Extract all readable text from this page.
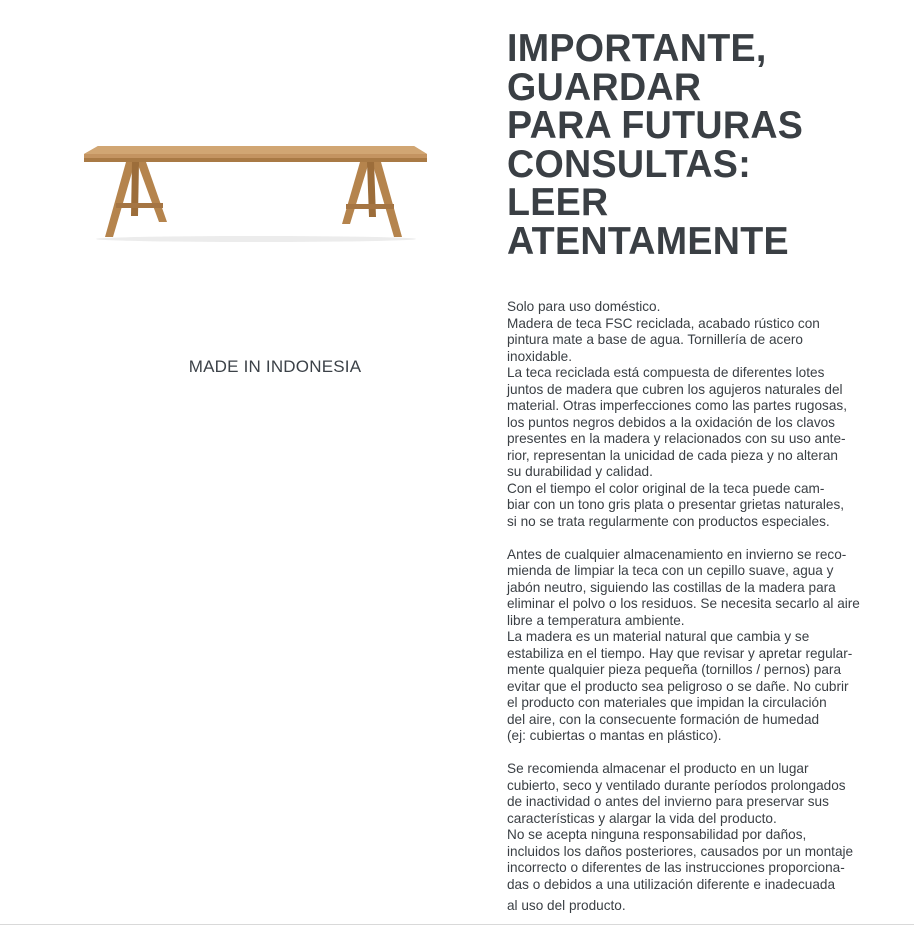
MADE IN INDONESIA
IMPORTANTE,
GUARDAR
PARA FUTURAS
CONSULTAS:
LEER
ATENTAMENTE
Solo para uso doméstico.
Madera de teca FSC reciclada, acabado rústico con
pintura mate a base de agua. Tornillería de acero
inoxidable.
La teca reciclada está compuesta de diferentes lotes
juntos de madera que cubren los agujeros naturales del
material. Otras imperfecciones como las partes rugosas,
los puntos negros debidos a la oxidación de los clavos
presentes en la madera y relacionados con su uso ante-
rior, representan la unicidad de cada pieza y no alteran
su durabilidad y calidad.
Con el tiempo el color original de la teca puede cam-
biar con un tono gris plata o presentar grietas naturales,
si no se trata regularmente con productos especiales.
Antes de cualquier almacenamiento en invierno se reco-
mienda de limpiar la teca con un cepillo suave, agua y
jabón neutro, siguiendo las costillas de la madera para
eliminar el polvo o los residuos. Se necesita secarlo al aire
libre a temperatura ambiente.
La madera es un material natural que cambia y se
estabiliza en el tiempo. Hay que revisar y apretar regular-
mente qualquier pieza pequeña (tornillos / pernos) para
evitar que el producto sea peligroso o se dañe. No cubrir
el producto con materiales que impidan la circulación
del aire, con la consecuente formación de humedad
(ej: cubiertas o mantas en plástico).
Se recomienda almacenar el producto en un lugar
cubierto, seco y ventilado durante períodos prolongados
de inactividad o antes del invierno para preservar sus
características y alargar la vida del producto.
No se acepta ninguna responsabilidad por daños,
incluidos los daños posteriores, causados por un montaje
incorrecto o diferentes de las instrucciones proporciona-
das o debidos a una utilización diferente e inadecuada
al uso del producto.
